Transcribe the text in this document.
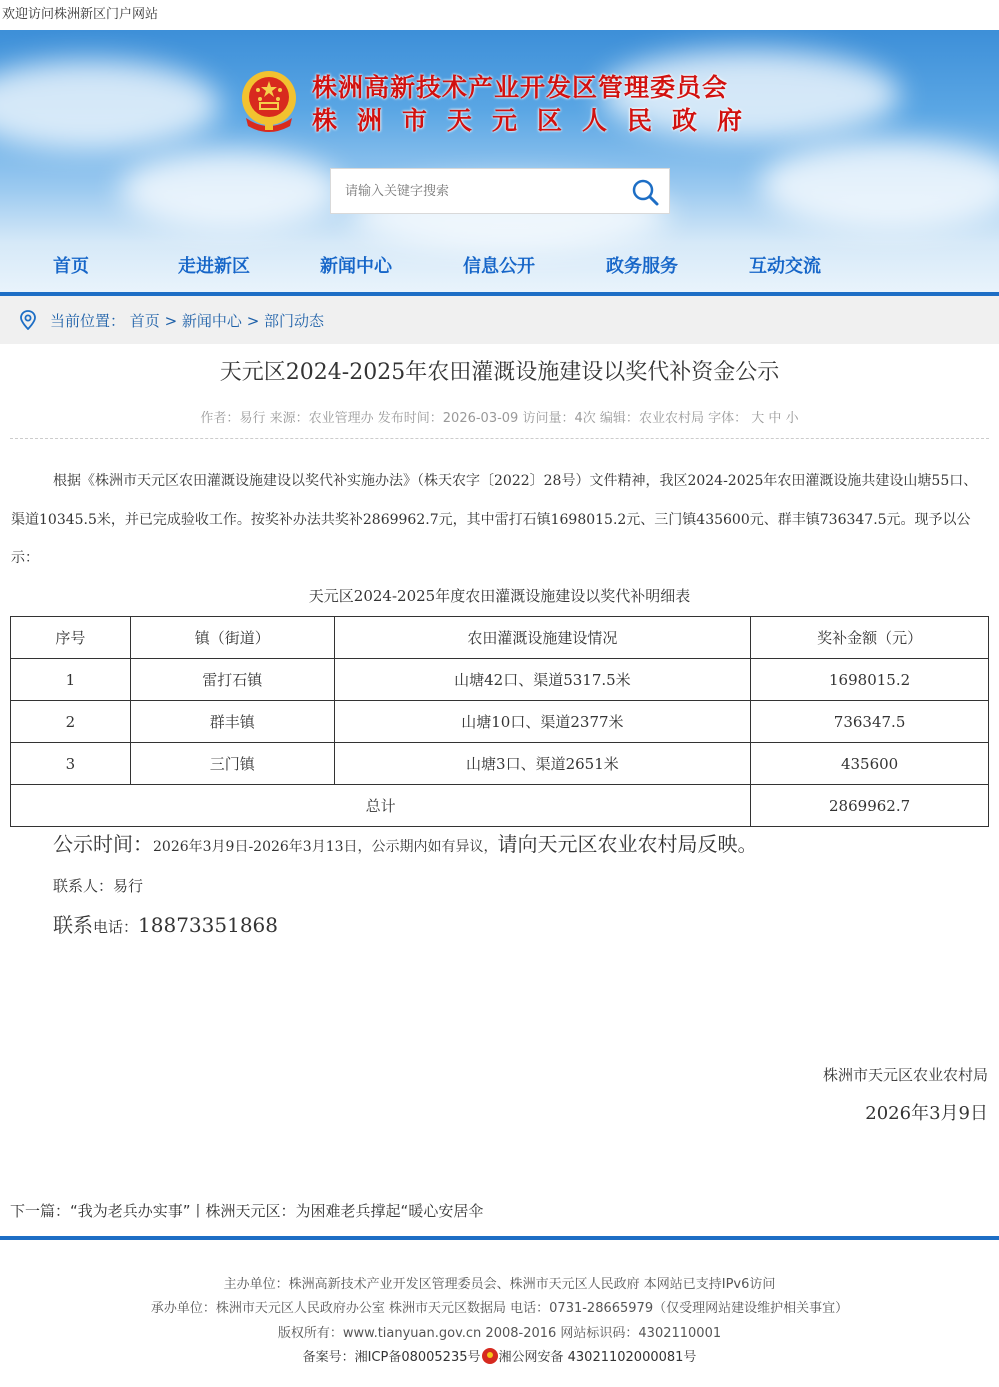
欢迎访问株洲新区门户网站
株洲高新技术产业开发区管理委员会
株洲市天元区人民政府
请输入关键字搜索
首页	走进新区	新闻中心	信息公开	政务服务	互动交流
当前位置： 首页 > 新闻中心 > 部门动态
天元区2024-2025年农田灌溉设施建设以奖代补资金公示
作者：易行 来源：农业管理办 发布时间：2026-03-09 访问量：4次 编辑：农业农村局 字体： 大 中 小

根据《株洲市天元区农田灌溉设施建设以奖代补实施办法》（株天农字〔2022〕28号）文件精神，我区2024-2025年农田灌溉设施共建设山塘55口、渠道10345.5米，并已完成验收工作。按奖补办法共奖补2869962.7元，其中雷打石镇1698015.2元、三门镇435600元、群丰镇736347.5元。现予以公示：

天元区2024-2025年度农田灌溉设施建设以奖代补明细表
序号	镇（街道）	农田灌溉设施建设情况	奖补金额（元）
1	雷打石镇	山塘42口、渠道5317.5米	1698015.2
2	群丰镇	山塘10口、渠道2377米	736347.5
3	三门镇	山塘3口、渠道2651米	435600
总计			2869962.7
公示时间：2026年3月9日-2026年3月13日，公示期内如有异议，请向天元区农业农村局反映。
联系人：易行
联系电话：18873351868
株洲市天元区农业农村局
2026年3月9日
下一篇：“我为老兵办实事”丨株洲天元区：为困难老兵撑起“暖心安居伞

主办单位：株洲高新技术产业开发区管理委员会、株洲市天元区人民政府 本网站已支持IPv6访问

承办单位：株洲市天元区人民政府办公室 株洲市天元区数据局 电话：0731-28665979（仅受理网站建设维护相关事宜）

版权所有：www.tianyuan.gov.cn 2008-2016 网站标识码：4302110001

备案号：湘ICP备08005235号 湘公网安备 43021102000081号
